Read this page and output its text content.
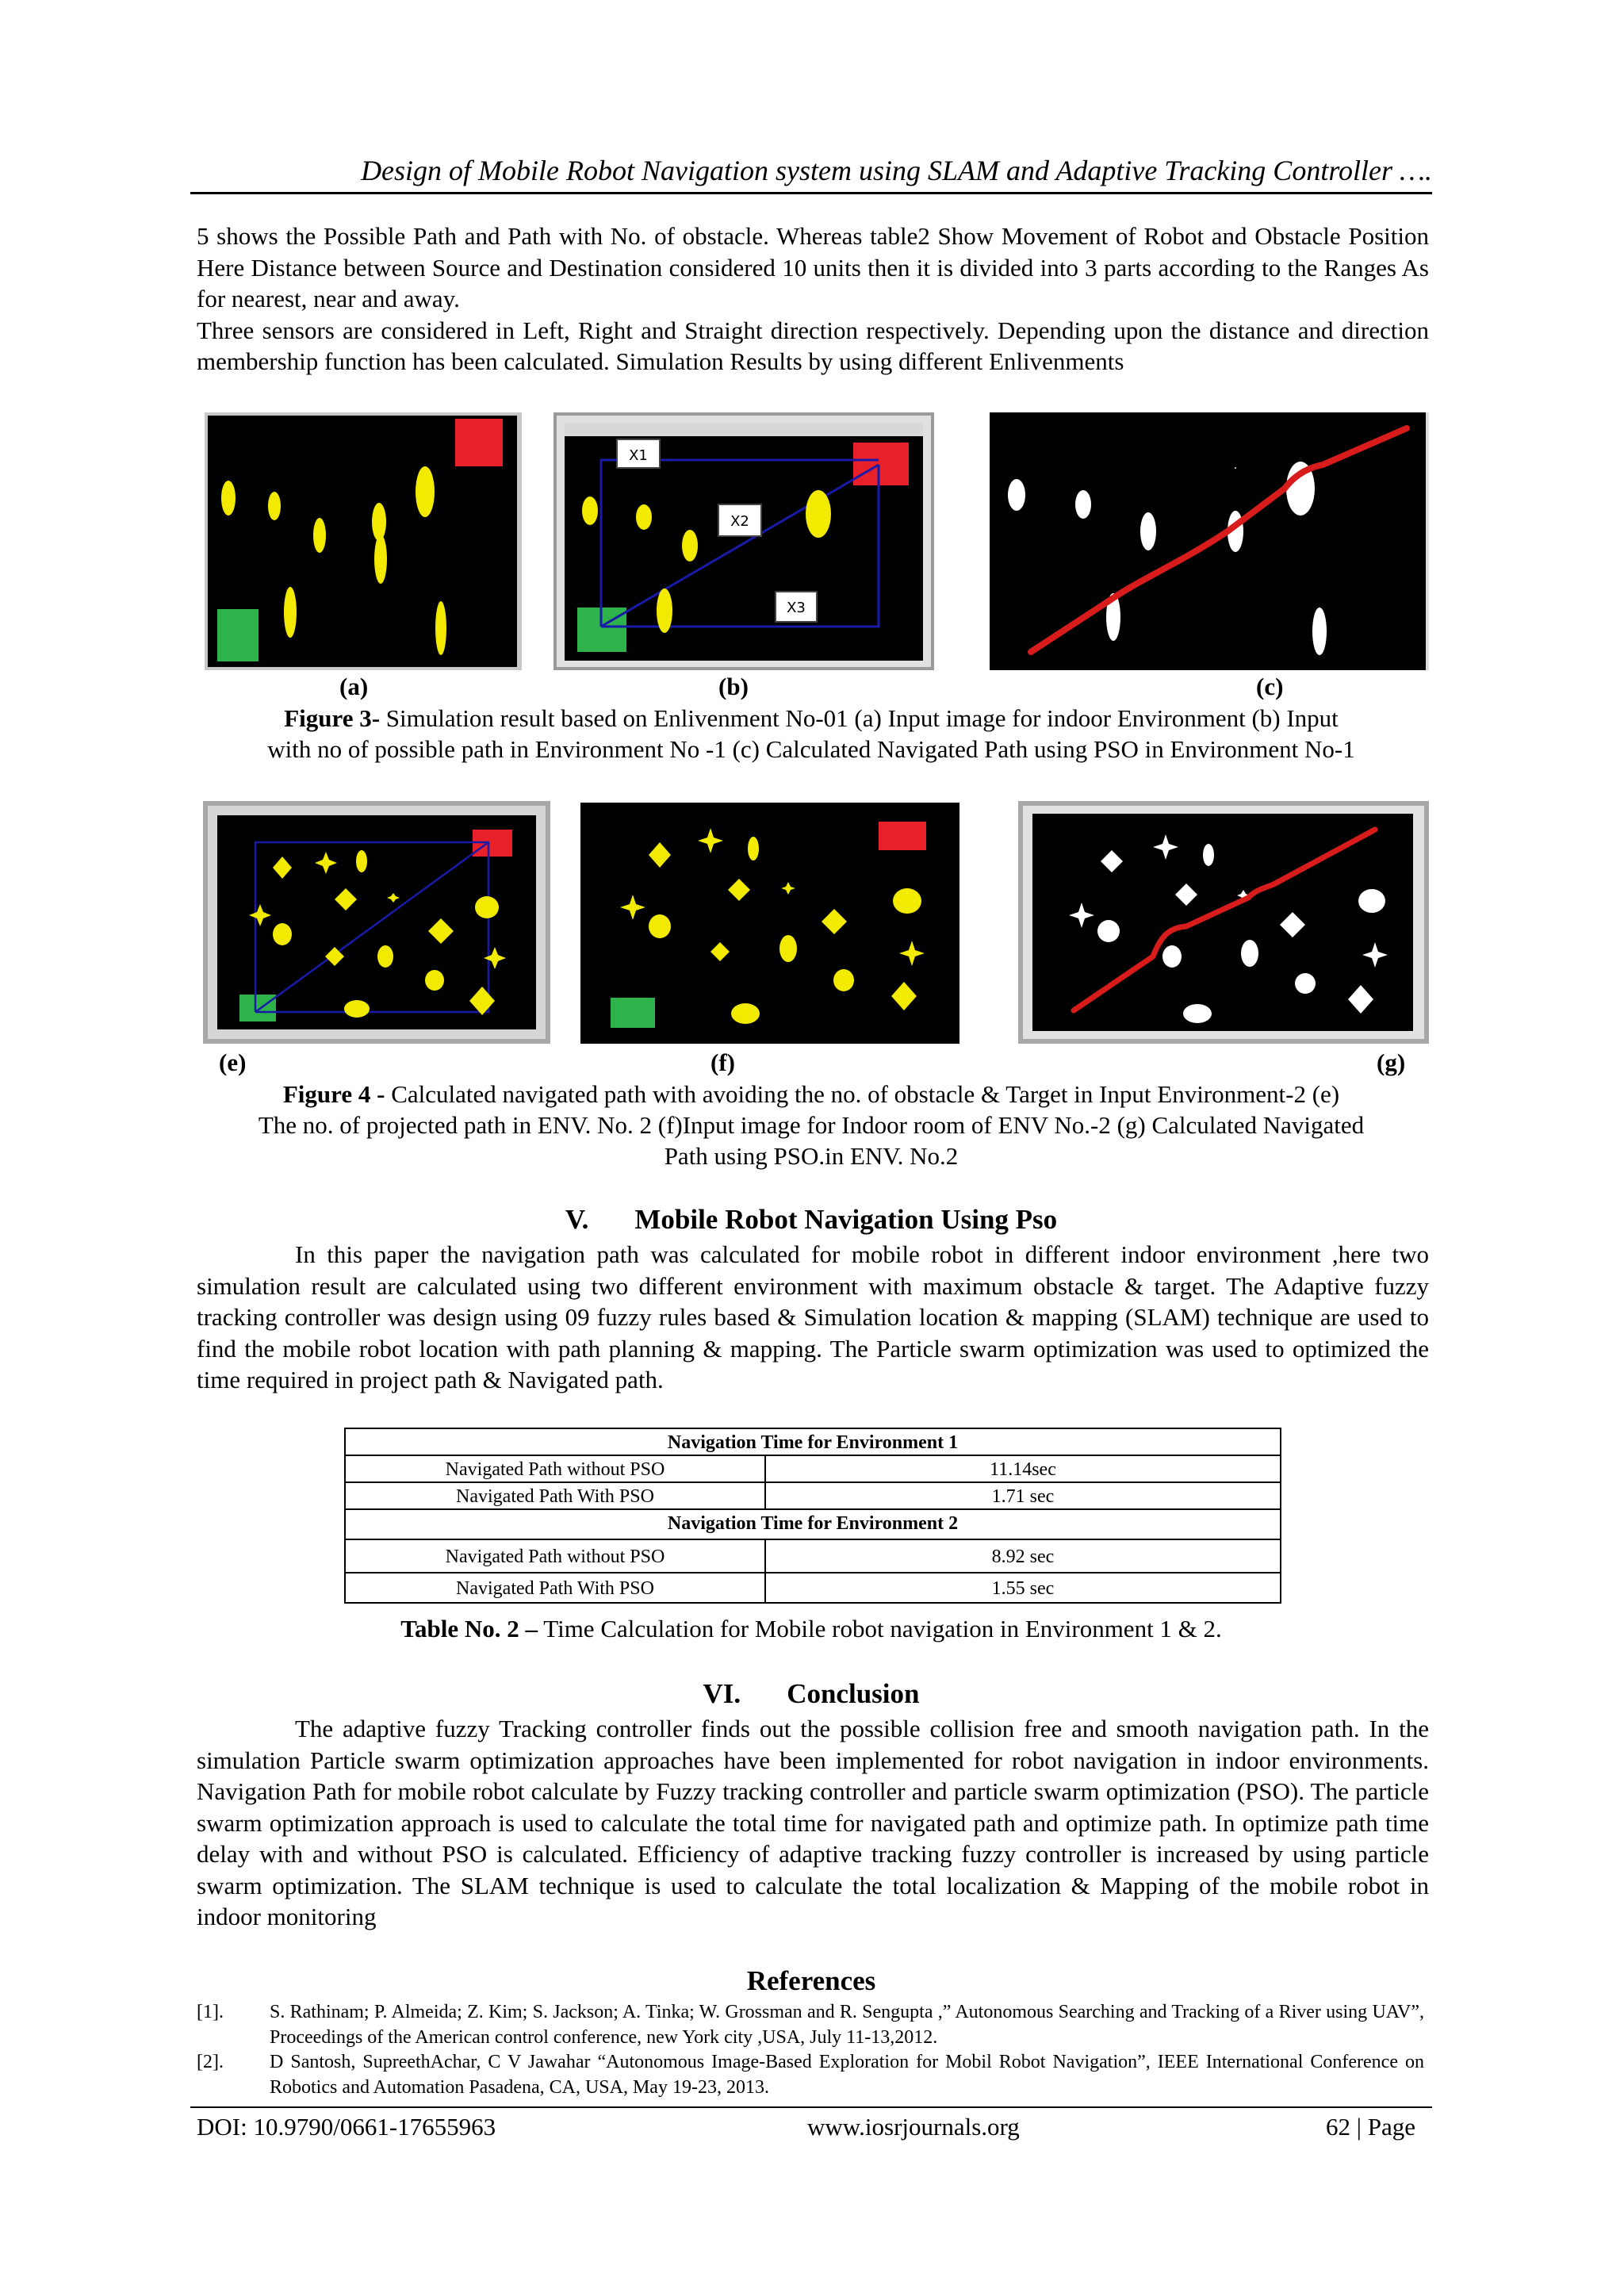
Design of Mobile Robot Navigation system using SLAM and Adaptive Tracking Controller ….

5 shows the Possible Path and Path with No. of obstacle. Whereas table2 Show Movement of Robot and Obstacle Position Here Distance between Source and Destination considered 10 units then it is divided into 3 parts according to the Ranges As for nearest, near and away.

Three sensors are considered in Left, Right and Straight direction respectively. Depending upon the distance and direction membership function has been calculated. Simulation Results by using different Enlivenments

X1
X2
X3
(a)	(b)	(c)
Figure 3- Simulation result based on Enlivenment No-01 (a) Input image for indoor Environment (b) Input
with no of possible path in Environment No -1 (c) Calculated Navigated Path using PSO in Environment No-1
(e)	(f)	(g)
Figure 4 - Calculated navigated path with avoiding the no. of obstacle & Target in Input Environment-2 (e)
The no. of projected path in ENV. No. 2 (f)Input image for Indoor room of ENV No.-2 (g) Calculated Navigated
Path using PSO.in ENV. No.2
V. Mobile Robot Navigation Using Pso

In this paper the navigation path was calculated for mobile robot in different indoor environment ,here two simulation result are calculated using two different environment with maximum obstacle & target. The Adaptive fuzzy tracking controller was design using 09 fuzzy rules based & Simulation location & mapping (SLAM) technique are used to find the mobile robot location with path planning & mapping. The Particle swarm optimization was used to optimized the time required in project path & Navigated path.

Navigation Time for Environment 1	
Navigated Path without PSO	11.14sec
Navigated Path With PSO	1.71 sec
Navigation Time for Environment 2	
Navigated Path without PSO	8.92 sec
Navigated Path With PSO	1.55 sec
Table No. 2 – Time Calculation for Mobile robot navigation in Environment 1 & 2.
VI. Conclusion

The adaptive fuzzy Tracking controller finds out the possible collision free and smooth navigation path. In the simulation Particle swarm optimization approaches have been implemented for robot navigation in indoor environments. Navigation Path for mobile robot calculate by Fuzzy tracking controller and particle swarm optimization (PSO). The particle swarm optimization approach is used to calculate the total time for navigated path and optimize path. In optimize path time delay with and without PSO is calculated. Efficiency of adaptive tracking fuzzy controller is increased by using particle swarm optimization. The SLAM technique is used to calculate the total localization & Mapping of the mobile robot in indoor monitoring

References
[1]. S. Rathinam; P. Almeida; Z. Kim; S. Jackson; A. Tinka; W. Grossman and R. Sengupta ,” Autonomous Searching and Tracking of a River using UAV”, Proceedings of the American control conference, new York city ,USA, July 11-13,2012.
[2]. D Santosh, SupreethAchar, C V Jawahar “Autonomous Image-Based Exploration for Mobil Robot Navigation”, IEEE International Conference on Robotics and Automation Pasadena, CA, USA, May 19-23, 2013.
DOI: 10.9790/0661-17655963	www.iosrjournals.org	62 | Page
